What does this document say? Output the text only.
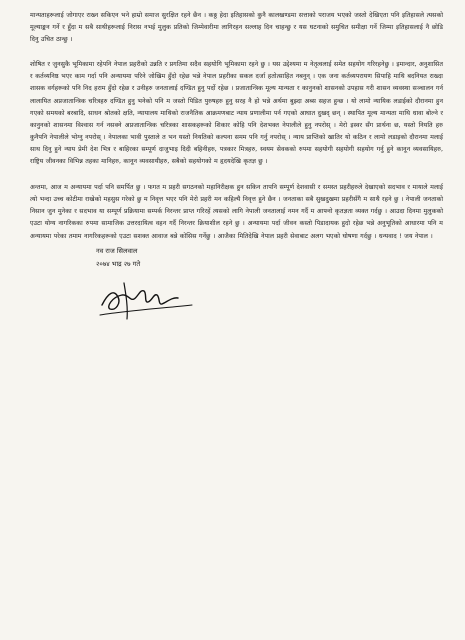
मान्यताहरूलाई जोगाएर राख्न सकिएन भने हाम्रो समाज सुरक्षित रहने छैन । कठ्ठ हेदा इतिहासको कुनै कालखण्डमा सत्ताको पराजय भएको जस्तो देखिएता पनि इतिहासले त्यसको मूल्याङ्कन गर्ने र हुँदा म सबै साथीहरूलाई निरास नभई मुलुक प्रतिको जिम्मेवारीमा लागिरहन सल्लाह दिन चाहन्छु र यस घटनाको समुचित समीक्षा गर्ने जिम्मा इतिहासलाई नै छोडि दिनु उचित ठान्छु ।

शोषित र जुनसुकै भूमिकामा रहेपनि नेपाल प्रहरीको उन्नति र प्रगतिमा सदैव सहयोगि भूमिकामा रहने छु । यस उद्देश्यमा म नेतृत्वलाई समेत सहयोग गरिरहनेछु । इमान्दार, अनुशासित र कर्तव्यनिष्ठ भएर काम गर्दा पनि अन्यायमा परिने जोखिम हुँदो रहेछ भन्ने नेपाल प्रहरीका सकल दर्जा हताेत्साहित नबनुन् । एक जना कर्तव्यपरायण सिपाहि माथि बदनियत राख्दा शासक वर्गहरूको पनि निद हराम हुँदो रहेछ र उनीहरु जनतालाई दण्डित हुनु पर्दो रहेछ । प्रजातान्त्रिक मूल्य मान्यता र कानुनको शासनको उपहास गरी शासन व्यवस्था सञ्चालन गर्न लालायित अप्रजातान्त्रिक चरित्रहरु दण्डित हुनु भनेको पनि म जस्तो पिडित पुरुषहरु हुनु सरह नै हो भन्ने अर्थमा बुझ्दा अब्स सहज हुन्छ । यो लामो न्यायिक लडाईको दौरानमा हुन गएको समयको बरबादि, साधन श्रोतको क्षति, न्यायालय माथिको राजनैतिक आक्रमणबाट न्याय प्रणालीमा पर्न गएको आघात दुखद् छन् । स्थापित मूल्य मान्यता माथि धावा बोल्ने र कानुनको शासनमा विश्वास गर्न नसक्ने अप्रजातान्त्रिक चरित्रका शासकहरूको शिकार कोहि पनि देशभक्त नेपालीले हुनु नपरोस् । मेरो इस्वर सँग प्रार्थना छ, यस्तो नियति हरु कुनैपनि नेपालीले भोग्नु नपरोस् । नेपालका भावी पुस्ताले त भन यस्तो नियतिको कल्पना समम पनि गर्नु नपरोस् । न्याय प्राप्तिको खातिर यो कठिन र लामो लडाइको दौरानमा मलाई साथ दिनु हुने न्याय प्रेमी देश भित्र र बाहिरका सम्पूर्ण दाजुभाइ दिदी बहिनीहरु, पत्रकार मित्रहरु, स्वयम सेवकको रुपमा सहयोगी सहयोगी सहयोग गर्नु हुने कानून व्यवसायिहरु, राष्ट्रिय जीवनका विभिन्न तहका मानिहरु, कानून व्यवसायीहरु, सबैको सहयोगको म हृदयदेखि कृतज्ञ छु ।

अन्तमा, आज म अन्यायमा पर्दा पनि समर्पित छु । फगत म प्रहरी सगठनको महानिरीक्षक हुन सकिन तापनि सम्पूर्ण देशवासी र समस्त प्रहरीहरुले देखाएको सदभाव र मायाले मलाई त्यो भन्दा उच्च कोटीमा राखेको महसुस गरेको छु म निवृत्त भएर पनि मेरो प्रहरी मन कहिल्यै निवृत्त हुने छैन । जनताका सबै सुखदुखमा प्रहरीसँगै म साथै रहने छु । नेपाली जनताको निसान जुन मुनेका र सदभाव या सम्पूर्ण प्रक्रियामा सम्पर्क निरन्तर प्राप्त गरिरहें त्यसको लागि नेपाली जनतालाई नमन गर्दै म आफ्नो कृतज्ञता व्यक्त गर्दछु । आउदा दिनमा मुलुकको एउटा योग्य नागरिकका रुपमा सामाजिक उत्तरदायित्व वहन गर्दै निरन्तर क्रियाशील रहने छु । अन्यायमा पर्दा जीवन कस्तो पिडादायक हुदो रहेछ भन्ने अनुभूतिको आधारमा पनि म अन्यायमा परेका तमाम नागरिकहरूको एउटा सशक्त आवाज बन्ने कोसिस गर्नेछु । आजैका मितिदेखि नेपाल प्रहरी सेवाबाट अलग भएको घोषणा गर्दछु । धन्यवाद ! जय नेपाल ।

नव राज सिलवाल
२०७४ भाद्र २७ गते
